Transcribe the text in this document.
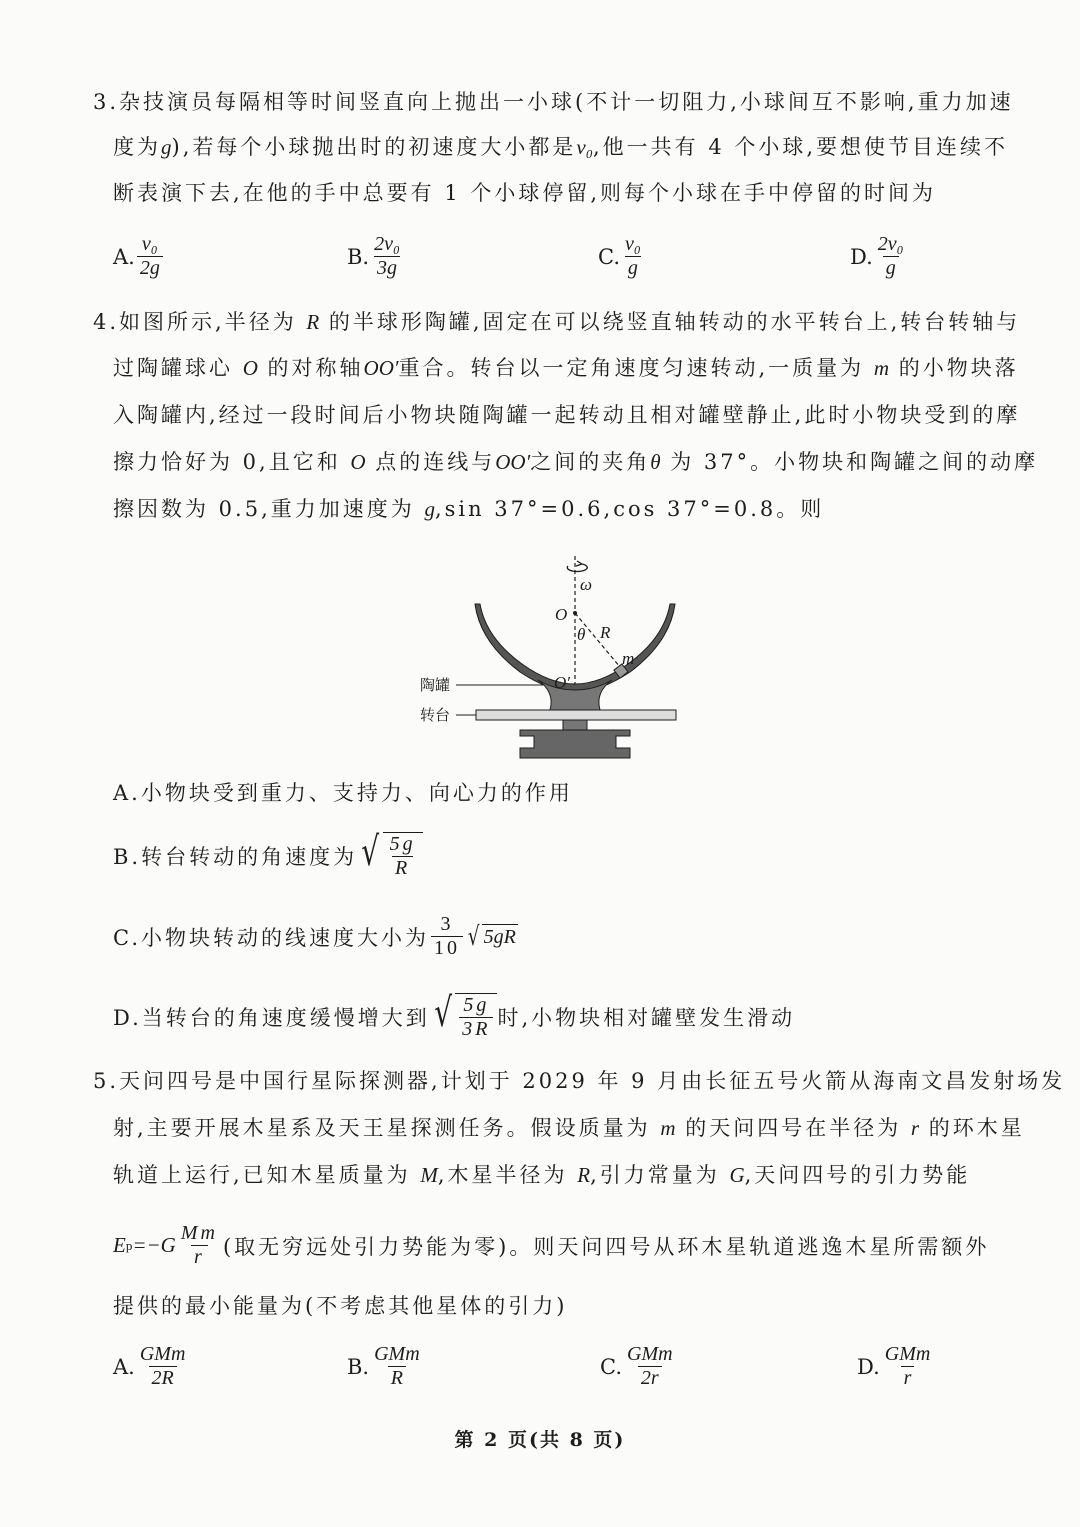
3.杂技演员每隔相等时间竖直向上抛出一小球(不计一切阻力,小球间互不影响,重力加速
度为g),若每个小球抛出时的初速度大小都是v₀,他一共有 4 个小球,要想使节目连续不
断表演下去,在他的手中总要有 1 个小球停留,则每个小球在手中停留的时间为
A. $\frac{\text{v₀}}{2g}$	B. $\frac{\text{2v₀}}{3g}$	C. $\frac{\text{v₀}}{g}$	D. $\frac{\text{2v₀}}{g}$
4.如图所示,半径为 R 的半球形陶罐,固定在可以绕竖直轴转动的水平转台上,转台转轴与
过陶罐球心 O 的对称轴OO′重合。转台以一定角速度匀速转动,一质量为 m 的小物块落
入陶罐内,经过一段时间后小物块随陶罐一起转动且相对罐壁静止,此时小物块受到的摩
擦力恰好为 0,且它和 O 点的连线与OO′之间的夹角θ 为 37°。小物块和陶罐之间的动摩
擦因数为 0.5,重力加速度为 g,sin 37°=0.6,cos 37°=0.8。则
ω
O
θ R
m
O′
陶罐
转台
A.小物块受到重力、支持力、向心力的作用
B.转台转动的角速度为 √ $\frac{5g}{R}$
C.小物块转动的线速度大小为 $\frac{3}{10}$ √ 5gR
D.当转台的角速度缓慢增大到 √ $\frac{5g}{3R}$ 时,小物块相对罐壁发生滑动
5.天问四号是中国行星际探测器,计划于 2029 年 9 月由长征五号火箭从海南文昌发射场发
射,主要开展木星系及天王星探测任务。假设质量为 m 的天问四号在半径为 r 的环木星
轨道上运行,已知木星质量为 M,木星半径为 R,引力常量为 G,天问四号的引力势能
E $p =-G \frac{Mm}{r}$ (取无穷远处引力势能为零)。则天问四号从环木星轨道逃逸木星所需额外
提供的最小能量为(不考虑其他星体的引力)
A. $\frac{\text{GMm}}{2R}$	B. $\frac{\text{GMm}}{R}$	C. $\frac{\text{GMm}}{2r}$	D. $\frac{\text{GMm}}{r}$
第 2 页(共 8 页)
